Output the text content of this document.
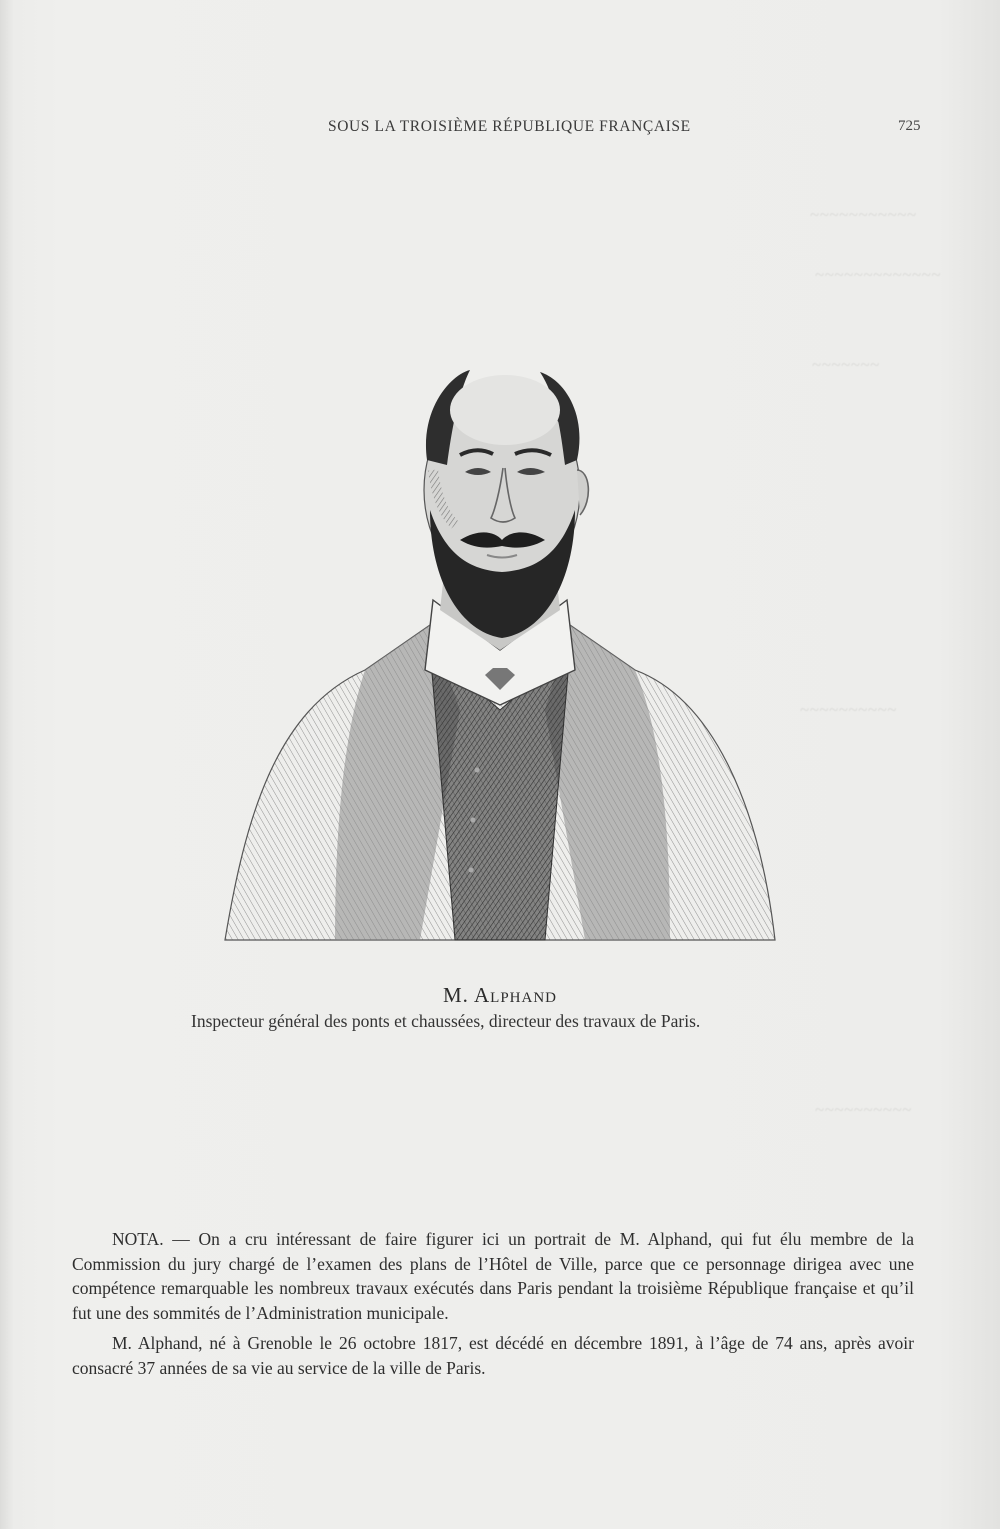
~~~~~~~~~~~
~~~~~~~~~~~~~
~~~~~~~
~~~~~~~~~~
~~~~~~~~~~
SOUS LA TROISIÈME RÉPUBLIQUE FRANÇAISE	725
M. Alphand
Inspecteur général des ponts et chaussées, directeur des travaux de Paris.

NOTA. — On a cru intéressant de faire figurer ici un portrait de M. Alphand, qui fut élu membre de la Commission du jury chargé de l’examen des plans de l’Hôtel de Ville, parce que ce personnage dirigea avec une compétence remarquable les nombreux travaux exécutés dans Paris pendant la troisième République française et qu’il fut une des sommités de l’Administration municipale.

M. Alphand, né à Grenoble le 26 octobre 1817, est décédé en décembre 1891, à l’âge de 74 ans, après avoir consacré 37 années de sa vie au service de la ville de Paris.
